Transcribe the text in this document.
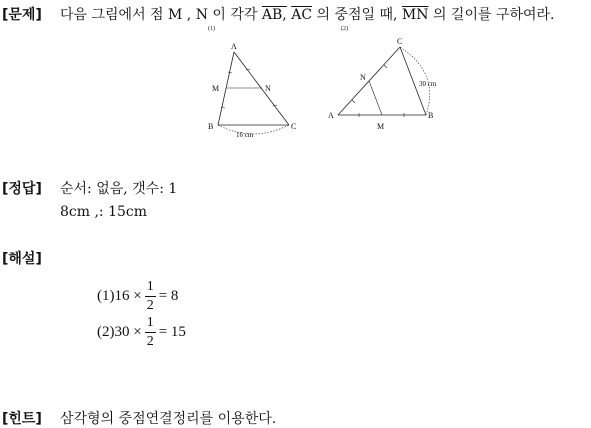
[문제] 다음 그림에서 점 M , N 이 각각 AB, $\overline{AC}$ 의 중점일 때, $\overline{MN}$ 의 길이를 구하여라.
(1)
A
M	N
B	C
16 cm
(2)
C
N
A
M
B
30 cm
[정답] 순서: 없음, 갯수: 1
8cm ,: 15cm
[해설]
$(1)16 \times \frac{1}{2} = 8$
$(2)30 \times \frac{1}{2} = 15$
[힌트] 삼각형의 중점연결정리를 이용한다.
